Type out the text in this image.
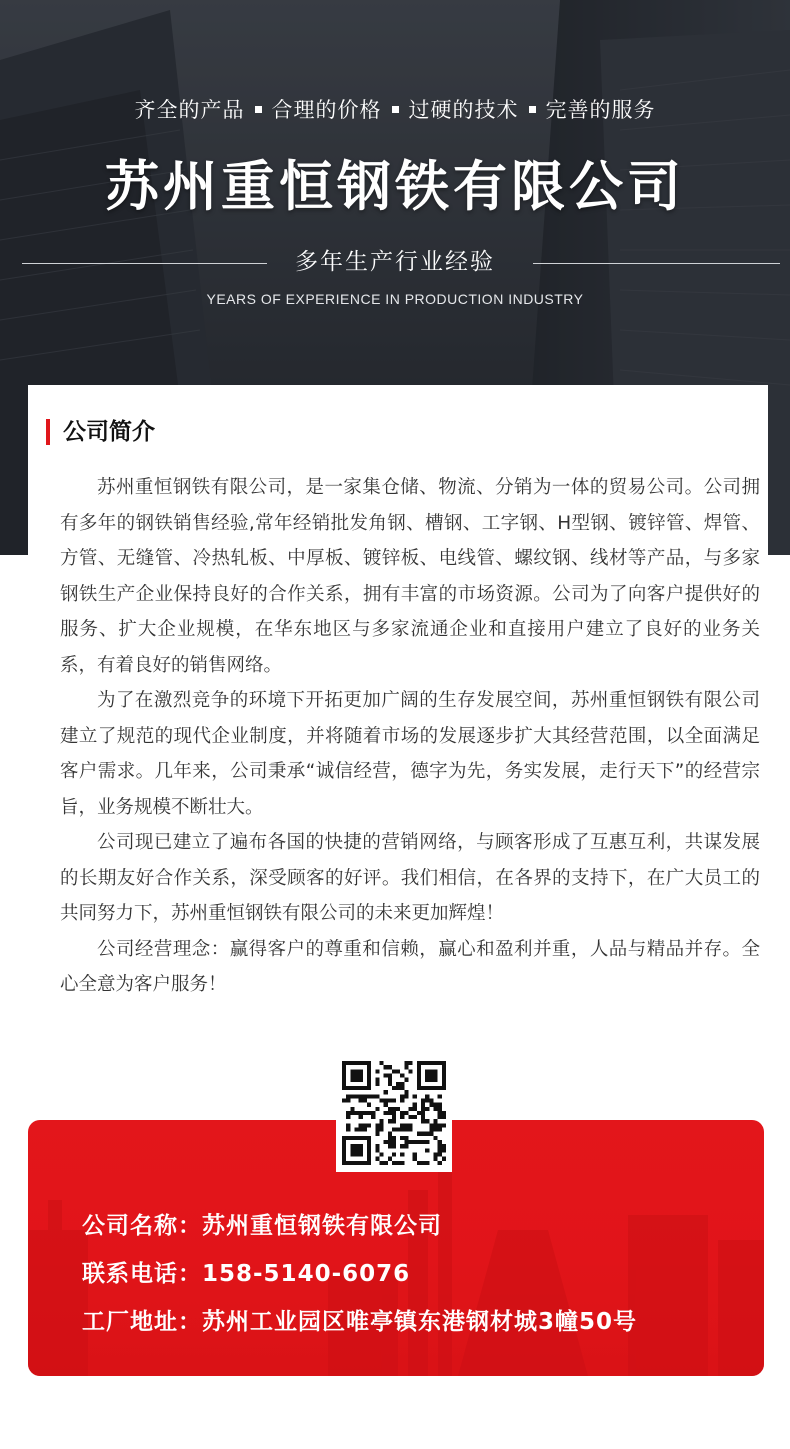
齐全的产品 合理的价格 过硬的技术 完善的服务
苏州重恒钢铁有限公司
多年生产行业经验
YEARS OF EXPERIENCE IN PRODUCTION INDUSTRY
公司简介

苏州重恒钢铁有限公司，是一家集仓储、物流、分销为一体的贸易公司。公司拥有多年的钢铁销售经验,常年经销批发角钢、槽钢、工字钢、H型钢、镀锌管、焊管、方管、无缝管、冷热轧板、中厚板、镀锌板、电线管、螺纹钢、线材等产品，与多家钢铁生产企业保持良好的合作关系，拥有丰富的市场资源。公司为了向客户提供好的服务、扩大企业规模，在华东地区与多家流通企业和直接用户建立了良好的业务关系，有着良好的销售网络。

为了在激烈竞争的环境下开拓更加广阔的生存发展空间，苏州重恒钢铁有限公司建立了规范的现代企业制度，并将随着市场的发展逐步扩大其经营范围，以全面满足客户需求。几年来，公司秉承“诚信经营，德字为先，务实发展，走行天下”的经营宗旨，业务规模不断壮大。

公司现已建立了遍布各国的快捷的营销网络，与顾客形成了互惠互利，共谋发展的长期友好合作关系，深受顾客的好评。我们相信，在各界的支持下，在广大员工的共同努力下，苏州重恒钢铁有限公司的未来更加辉煌！

公司经营理念：赢得客户的尊重和信赖，赢心和盈利并重，人品与精品并存。全心全意为客户服务！

公司名称：苏州重恒钢铁有限公司
联系电话：158-5140-6076
工厂地址：苏州工业园区唯亭镇东港钢材城3幢50号
